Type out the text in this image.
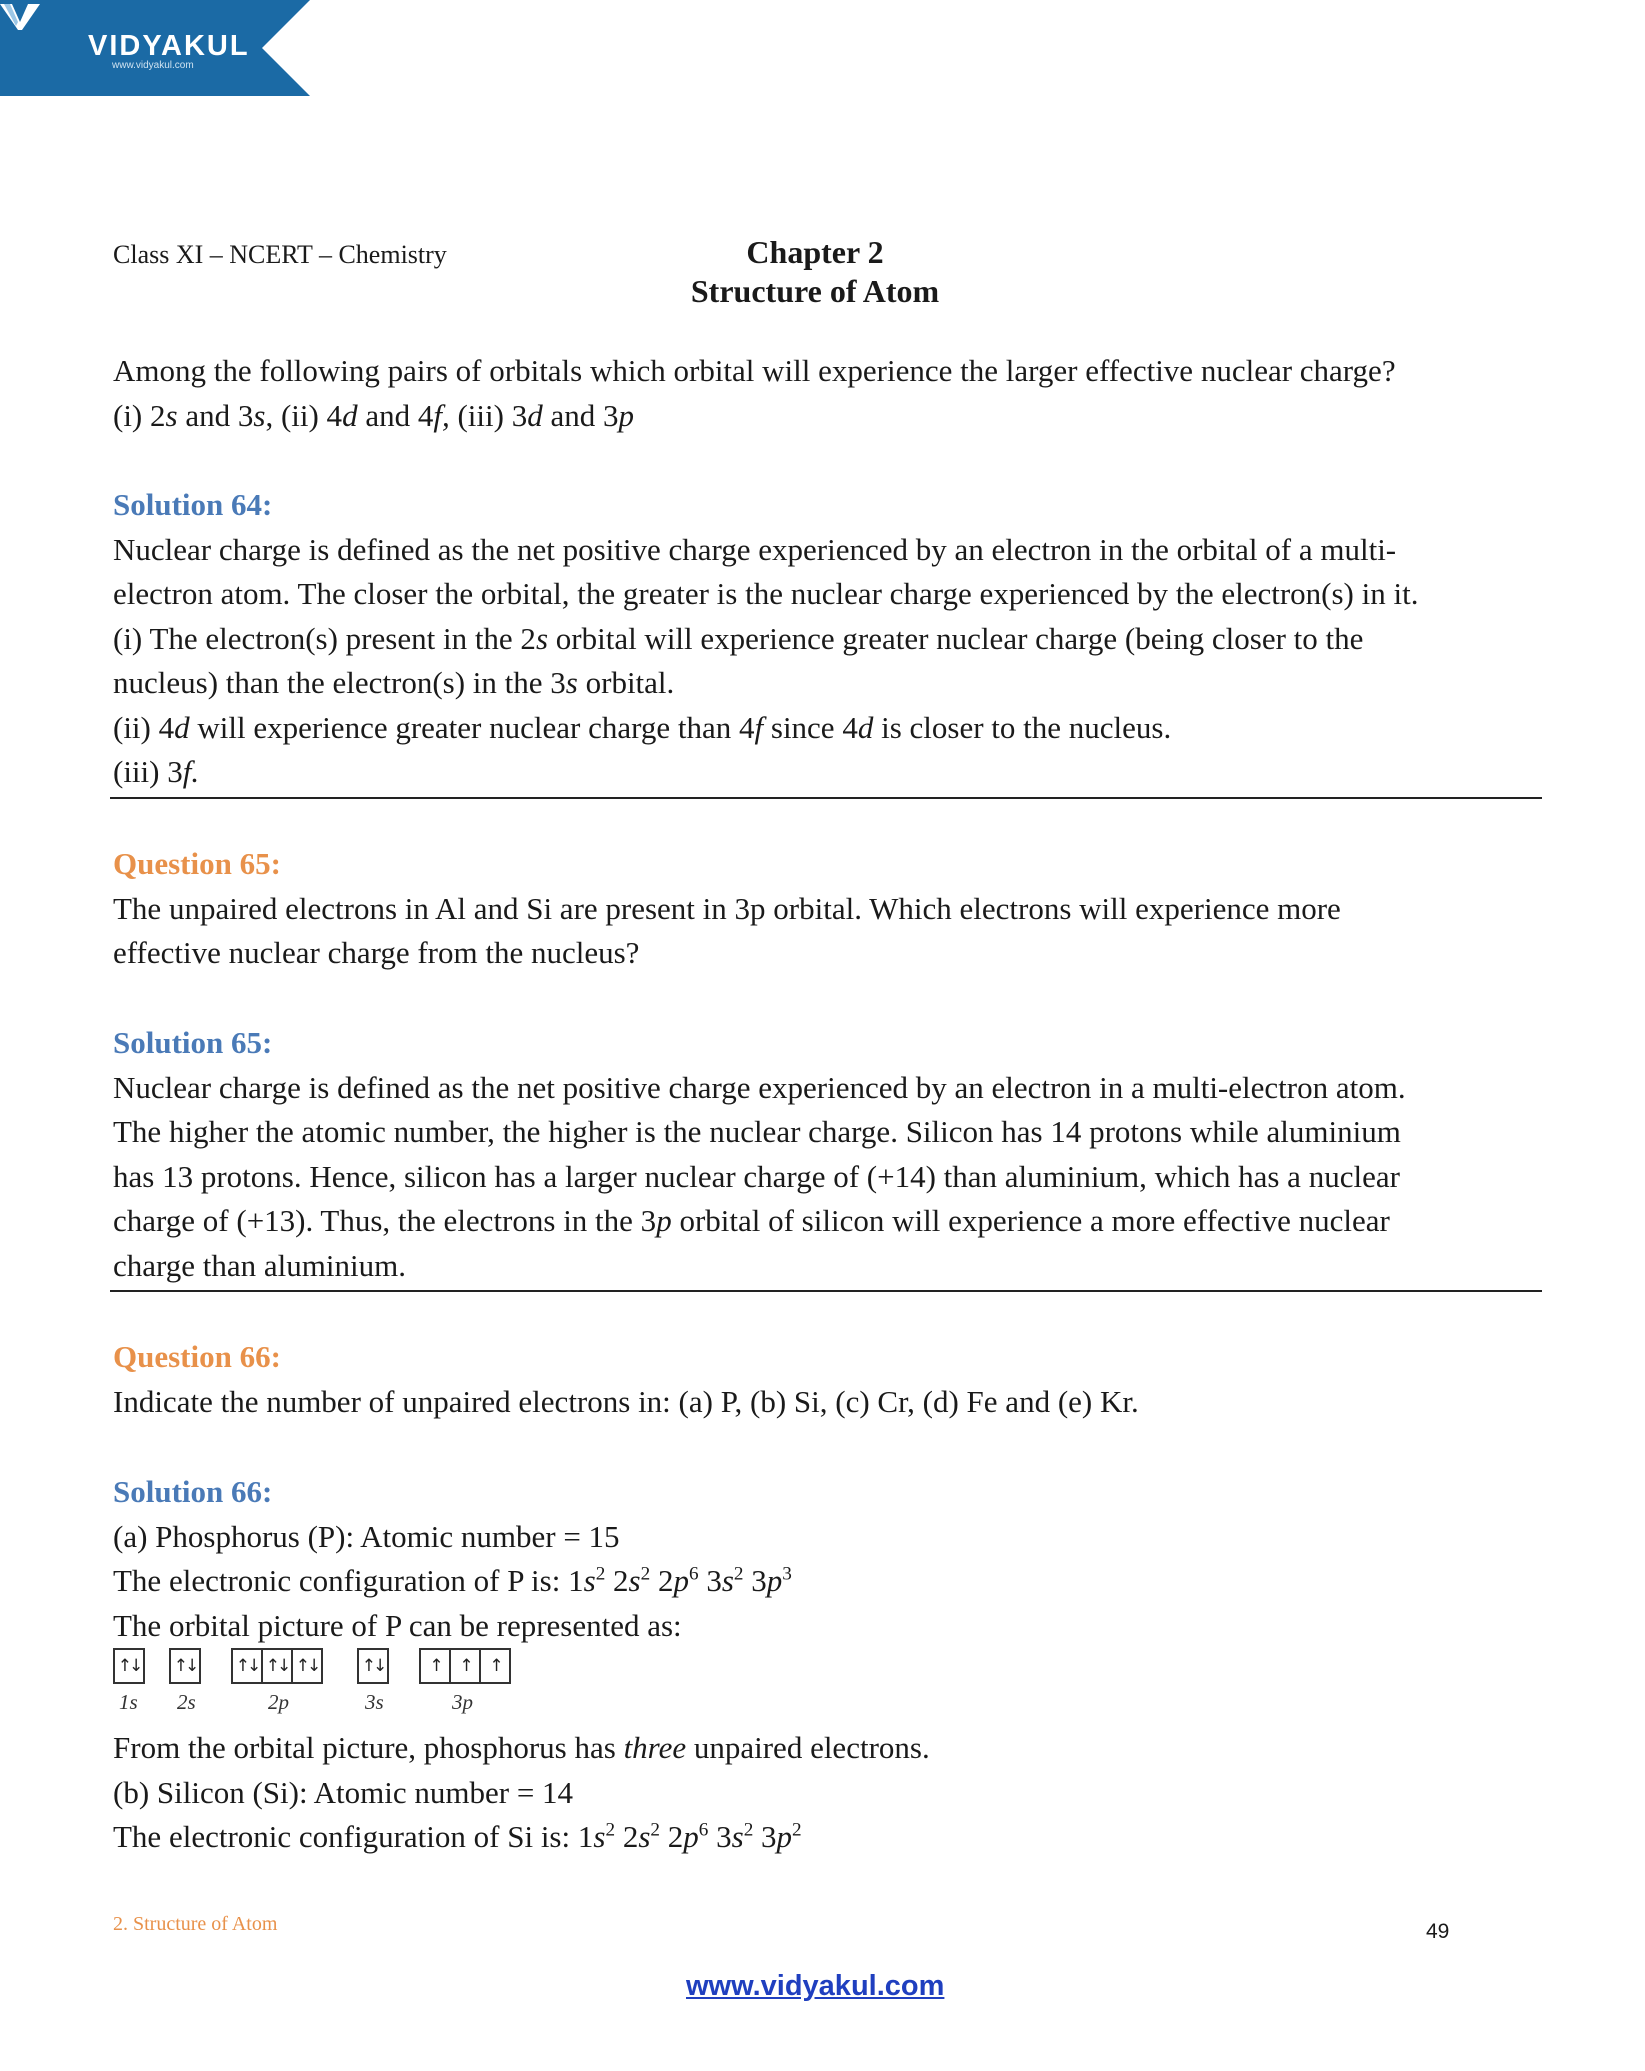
VIDYAKUL
www.vidyakul.com
Class XI – NCERT – Chemistry	Chapter 2
Structure of Atom
Among the following pairs of orbitals which orbital will experience the larger effective nuclear charge?
(i) 2s and 3s, (ii) 4d and 4f, (iii) 3d and 3p
Solution 64:
Nuclear charge is defined as the net positive charge experienced by an electron in the orbital of a multi-
electron atom. The closer the orbital, the greater is the nuclear charge experienced by the electron(s) in it.
(i) The electron(s) present in the 2s orbital will experience greater nuclear charge (being closer to the
nucleus) than the electron(s) in the 3s orbital.
(ii) 4d will experience greater nuclear charge than 4f since 4d is closer to the nucleus.
(iii) 3f.
Question 65:
The unpaired electrons in Al and Si are present in 3p orbital. Which electrons will experience more
effective nuclear charge from the nucleus?
Solution 65:
Nuclear charge is defined as the net positive charge experienced by an electron in a multi-electron atom.
The higher the atomic number, the higher is the nuclear charge. Silicon has 14 protons while aluminium
has 13 protons. Hence, silicon has a larger nuclear charge of (+14) than aluminium, which has a nuclear
charge of (+13). Thus, the electrons in the 3p orbital of silicon will experience a more effective nuclear
charge than aluminium.
Question 66:
Indicate the number of unpaired electrons in: (a) P, (b) Si, (c) Cr, (d) Fe and (e) Kr.
Solution 66:
(a) Phosphorus (P): Atomic number = 15
The electronic configuration of P is: $1s^2$ $2s^2$ $2p^6$ $3s^2$ $3p^3$
The orbital picture of P can be represented as:
↑↓
1s
↑↓
2s
↑↓ ↑↓ ↑↓
2p
↑↓
3s
↑	↑	↑
3p
From the orbital picture, phosphorus has three unpaired electrons.
(b) Silicon (Si): Atomic number = 14
The electronic configuration of Si is: $1s^2$ $2s^2$ $2p^6$ $3s^2$ $3p^2$
2. Structure of Atom	49
www.vidyakul.com
